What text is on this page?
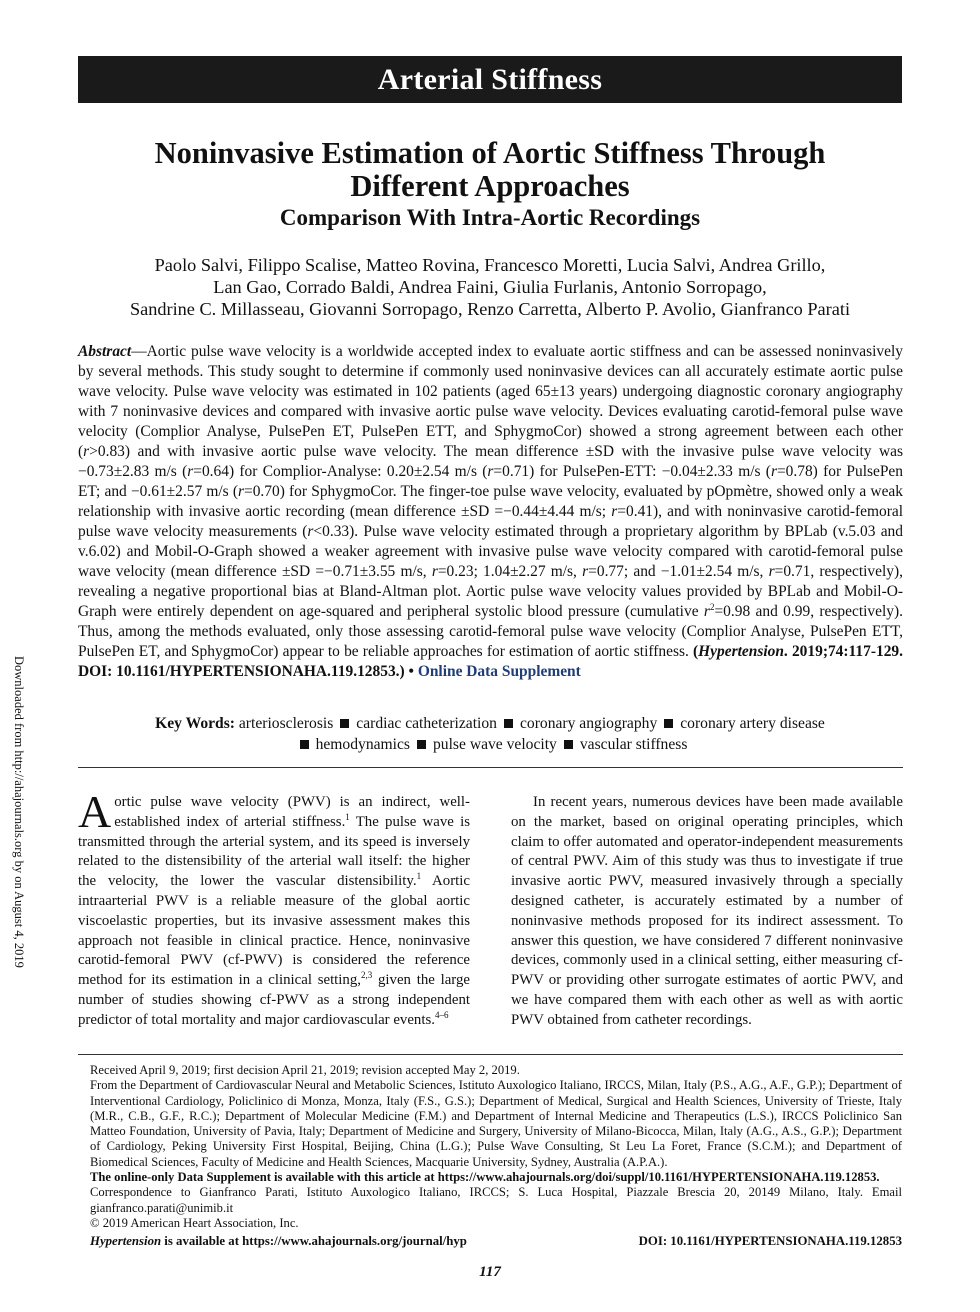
Arterial Stiffness
Noninvasive Estimation of Aortic Stiffness Through
Different Approaches
Comparison With Intra-Aortic Recordings
Paolo Salvi, Filippo Scalise, Matteo Rovina, Francesco Moretti, Lucia Salvi, Andrea Grillo,
Lan Gao, Corrado Baldi, Andrea Faini, Giulia Furlanis, Antonio Sorropago,
Sandrine C. Millasseau, Giovanni Sorropago, Renzo Carretta, Alberto P. Avolio, Gianfranco Parati
Abstract—Aortic pulse wave velocity is a worldwide accepted index to evaluate aortic stiffness and can be assessed noninvasively by several methods. This study sought to determine if commonly used noninvasive devices can all accurately estimate aortic pulse wave velocity. Pulse wave velocity was estimated in 102 patients (aged 65±13 years) undergoing diagnostic coronary angiography with 7 noninvasive devices and compared with invasive aortic pulse wave velocity. Devices evaluating carotid-femoral pulse wave velocity (Complior Analyse, PulsePen ET, PulsePen ETT, and SphygmoCor) showed a strong agreement between each other (r>0.83) and with invasive aortic pulse wave velocity. The mean difference ±SD with the invasive pulse wave velocity was −0.73±2.83 m/s (r=0.64) for Complior-Analyse: 0.20±2.54 m/s (r=0.71) for PulsePen-ETT: −0.04±2.33 m/s (r=0.78) for PulsePen ET; and −0.61±2.57 m/s (r=0.70) for SphygmoCor. The finger-toe pulse wave velocity, evaluated by pOpmètre, showed only a weak relationship with invasive aortic recording (mean difference ±SD =−0.44±4.44 m/s; r=0.41), and with noninvasive carotid-femoral pulse wave velocity measurements (r<0.33). Pulse wave velocity estimated through a proprietary algorithm by BPLab (v.5.03 and v.6.02) and Mobil-O-Graph showed a weaker agreement with invasive pulse wave velocity compared with carotid-femoral pulse wave velocity (mean difference ±SD =−0.71±3.55 m/s, r=0.23; 1.04±2.27 m/s, r=0.77; and −1.01±2.54 m/s, r=0.71, respectively), revealing a negative proportional bias at Bland-Altman plot. Aortic pulse wave velocity values provided by BPLab and Mobil-O-Graph were entirely dependent on age-squared and peripheral systolic blood pressure (cumulative $r^2=0.98$ and 0.99, respectively). Thus, among the methods evaluated, only those assessing carotid-femoral pulse wave velocity (Complior Analyse, PulsePen ETT, PulsePen ET, and SphygmoCor) appear to be reliable approaches for estimation of aortic stiffness. (Hypertension. 2019;74:117-129. DOI: 10.1161/HYPERTENSIONAHA.119.12853.) • Online Data Supplement
Key Words: arteriosclerosis cardiac catheterization coronary angiography coronary artery disease
hemodynamics pulse wave velocity vascular stiffness

Aortic pulse wave velocity (PWV) is an indirect, well-established index of arterial stiffness.$^1$ The pulse wave is transmitted through the arterial system, and its speed is inversely related to the distensibility of the arterial wall itself: the higher the velocity, the lower the vascular distensibility.$^1$ Aortic intraarterial PWV is a reliable measure of the global aortic viscoelastic properties, but its invasive assessment makes this approach not feasible in clinical practice. Hence, noninvasive carotid-femoral PWV (cf-PWV) is considered the reference method for its estimation in a clinical setting,$^{2,3}$ given the large number of studies showing cf-PWV as a strong independent predictor of total mortality and major cardiovascular events.$^{4-6}$

In recent years, numerous devices have been made available on the market, based on original operating principles, which claim to offer automated and operator-independent measurements of central PWV. Aim of this study was thus to investigate if true invasive aortic PWV, measured invasively through a specially designed catheter, is accurately estimated by a number of noninvasive methods proposed for its indirect assessment. To answer this question, we have considered 7 different noninvasive devices, commonly used in a clinical setting, either measuring cf-PWV or providing other surrogate estimates of aortic PWV, and we have compared them with each other as well as with aortic PWV obtained from catheter recordings.

Received April 9, 2019; first decision April 21, 2019; revision accepted May 2, 2019.

From the Department of Cardiovascular Neural and Metabolic Sciences, Istituto Auxologico Italiano, IRCCS, Milan, Italy (P.S., A.G., A.F., G.P.); Department of Interventional Cardiology, Policlinico di Monza, Monza, Italy (F.S., G.S.); Department of Medical, Surgical and Health Sciences, University of Trieste, Italy (M.R., C.B., G.F., R.C.); Department of Molecular Medicine (F.M.) and Department of Internal Medicine and Therapeutics (L.S.), IRCCS Policlinico San Matteo Foundation, University of Pavia, Italy; Department of Medicine and Surgery, University of Milano-Bicocca, Milan, Italy (A.G., A.S., G.P.); Department of Cardiology, Peking University First Hospital, Beijing, China (L.G.); Pulse Wave Consulting, St Leu La Foret, France (S.C.M.); and Department of Biomedical Sciences, Faculty of Medicine and Health Sciences, Macquarie University, Sydney, Australia (A.P.A.).

The online-only Data Supplement is available with this article at https://www.ahajournals.org/doi/suppl/10.1161/HYPERTENSIONAHA.119.12853.

Correspondence to Gianfranco Parati, Istituto Auxologico Italiano, IRCCS; S. Luca Hospital, Piazzale Brescia 20, 20149 Milano, Italy. Email gianfranco.parati@unimib.it

© 2019 American Heart Association, Inc.

Hypertension is available at https://www.ahajournals.org/journal/hyp	DOI: 10.1161/HYPERTENSIONAHA.119.12853
117
Downloaded from http://ahajournals.org by on August 4, 2019
